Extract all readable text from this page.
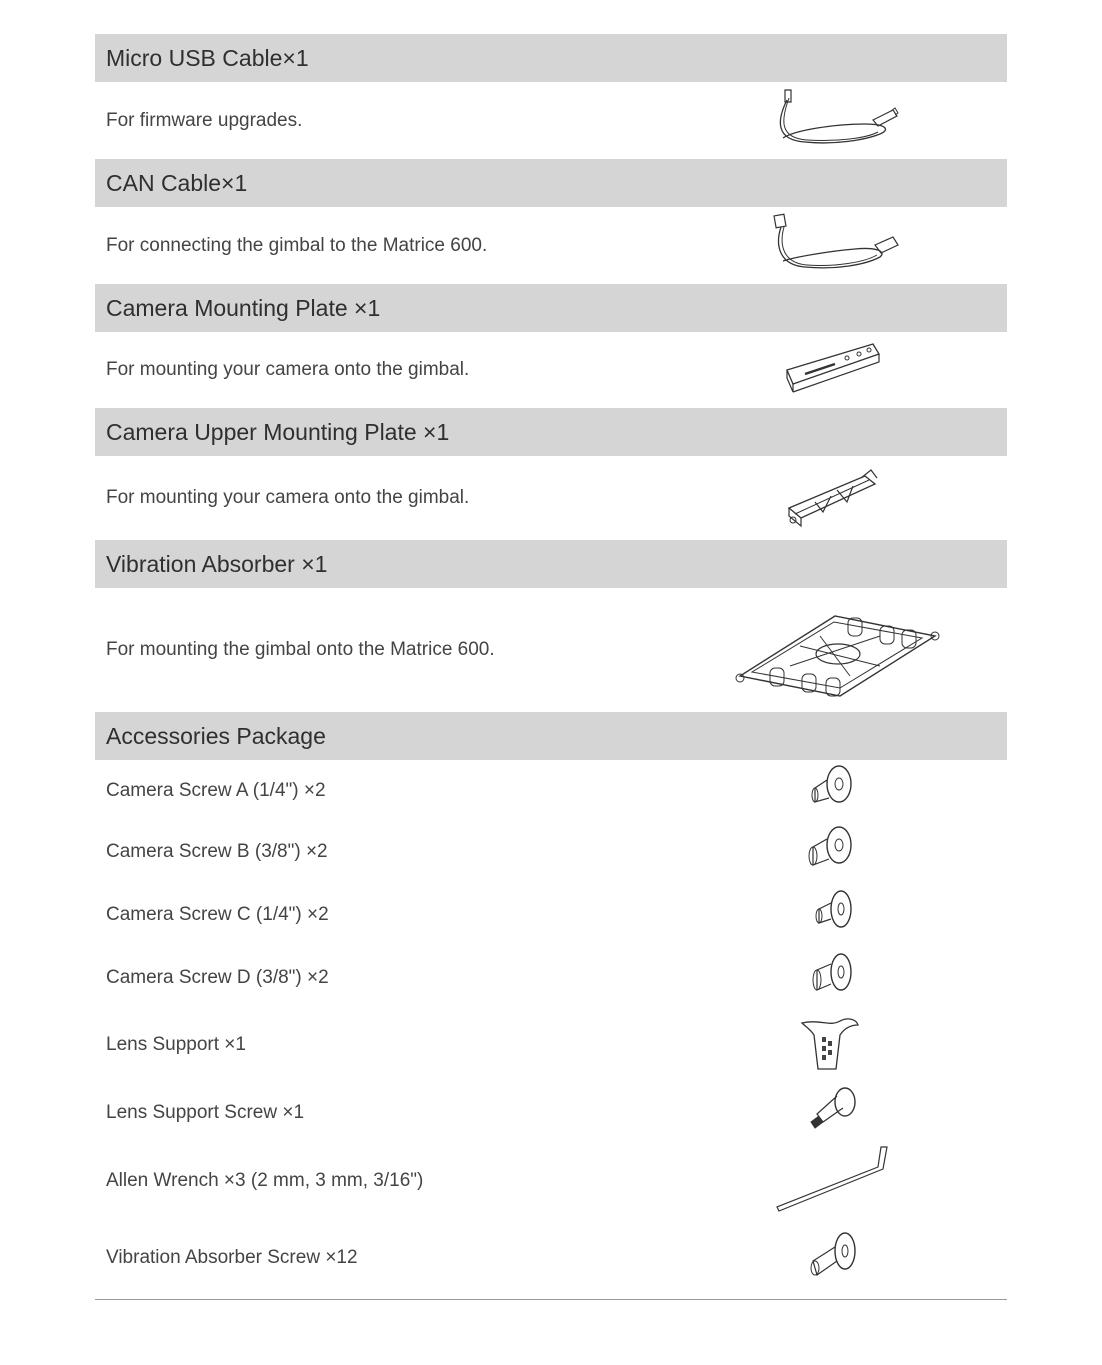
Micro USB Cable×1
For firmware upgrades.
CAN Cable×1
For connecting the gimbal to the Matrice 600.
Camera Mounting Plate ×1
For mounting your camera onto the gimbal.
Camera Upper Mounting Plate ×1
For mounting your camera onto the gimbal.
Vibration Absorber ×1
For mounting the gimbal onto the Matrice 600.
Accessories Package
Camera Screw A (1/4") ×2
Camera Screw B (3/8") ×2
Camera Screw C (1/4") ×2
Camera Screw D (3/8") ×2
Lens Support ×1
Lens Support Screw ×1
Allen Wrench ×3 (2 mm, 3 mm, 3/16")
Vibration Absorber Screw ×12
